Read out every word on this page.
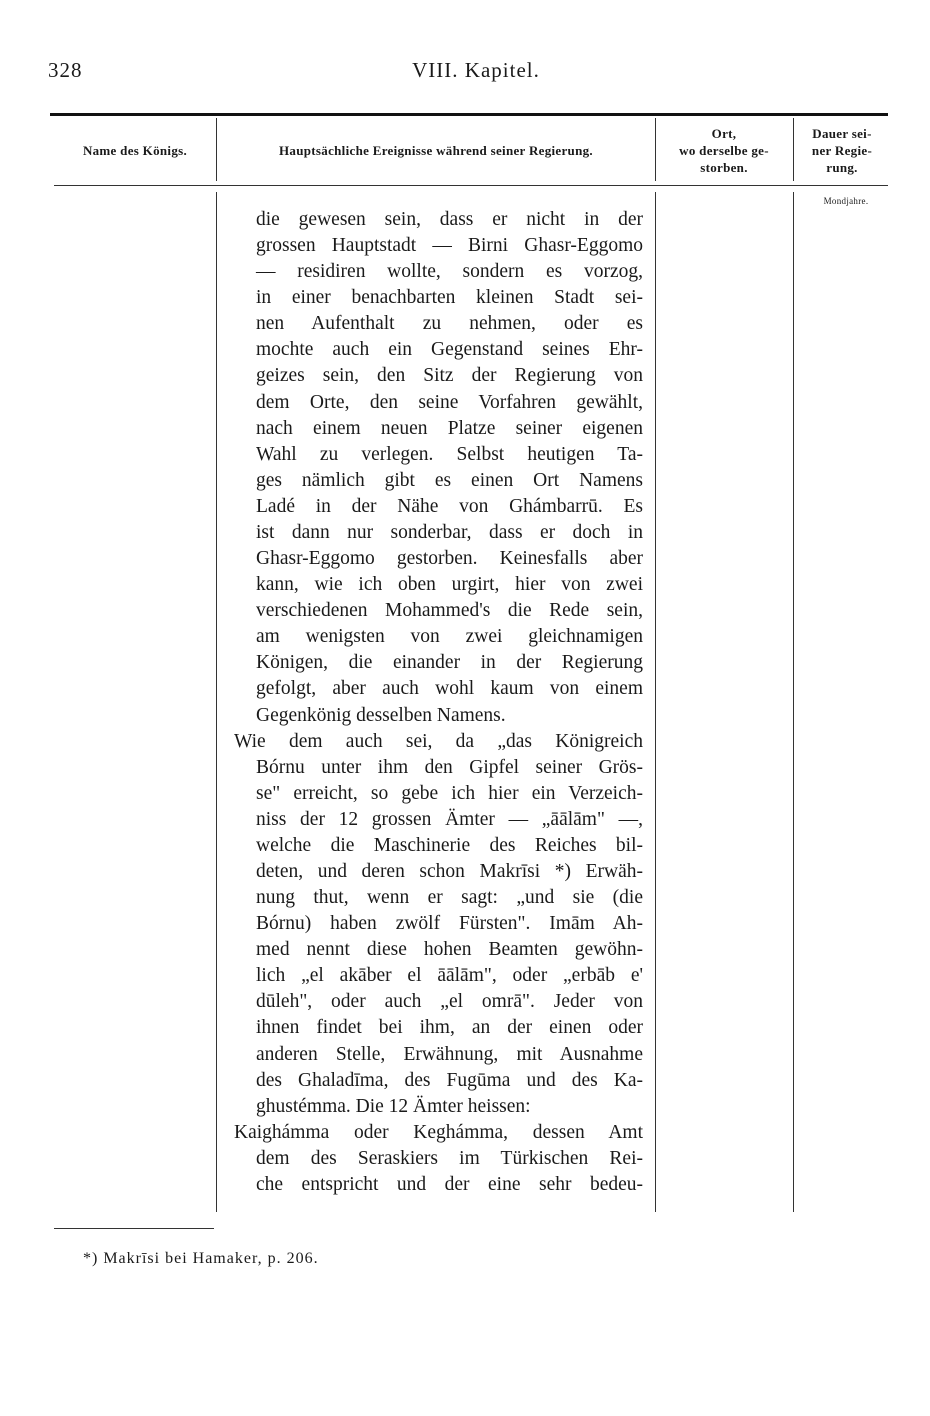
328	VIII. Kapitel.
Name des Königs.	Hauptsächliche Ereignisse während seiner Regierung.
Ort,
wo derselbe ge-
storben.
Dauer sei-
ner Regie-
rung.
Mondjahre.
die gewesen sein, dass er nicht in der
grossen Hauptstadt — Birni Ghasr-Eggomo
— residiren wollte, sondern es vorzog,
in einer benachbarten kleinen Stadt sei-
nen Aufenthalt zu nehmen, oder es
mochte auch ein Gegenstand seines Ehr-
geizes sein, den Sitz der Regierung von
dem Orte, den seine Vorfahren gewählt,
nach einem neuen Platze seiner eigenen
Wahl zu verlegen. Selbst heutigen Ta-
ges nämlich gibt es einen Ort Namens
Ladé in der Nähe von Ghámbarrū. Es
ist dann nur sonderbar, dass er doch in
Ghasr-Eggomo gestorben. Keinesfalls aber
kann, wie ich oben urgirt, hier von zwei
verschiedenen Mohammed's die Rede sein,
am wenigsten von zwei gleichnamigen
Königen, die einander in der Regierung
gefolgt, aber auch wohl kaum von einem
Gegenkönig desselben Namens.
Wie dem auch sei, da „das Königreich
Bórnu unter ihm den Gipfel seiner Grös-
se" erreicht, so gebe ich hier ein Verzeich-
niss der 12 grossen Ämter — „āālām" —,
welche die Maschinerie des Reiches bil-
deten, und deren schon Makrīsi *) Erwäh-
nung thut, wenn er sagt: „und sie (die
Bórnu) haben zwölf Fürsten". Imām Ah-
med nennt diese hohen Beamten gewöhn-
lich „el akāber el āālām", oder „erbāb e'
dūleh", oder auch „el omrā". Jeder von
ihnen findet bei ihm, an der einen oder
anderen Stelle, Erwähnung, mit Ausnahme
des Ghaladīma, des Fugūma und des Ka-
ghustémma. Die 12 Ämter heissen:
Kaighámma oder Keghámma, dessen Amt
dem des Seraskiers im Türkischen Rei-
che entspricht und der eine sehr bedeu-
*) Makrīsi bei Hamaker, p. 206.
